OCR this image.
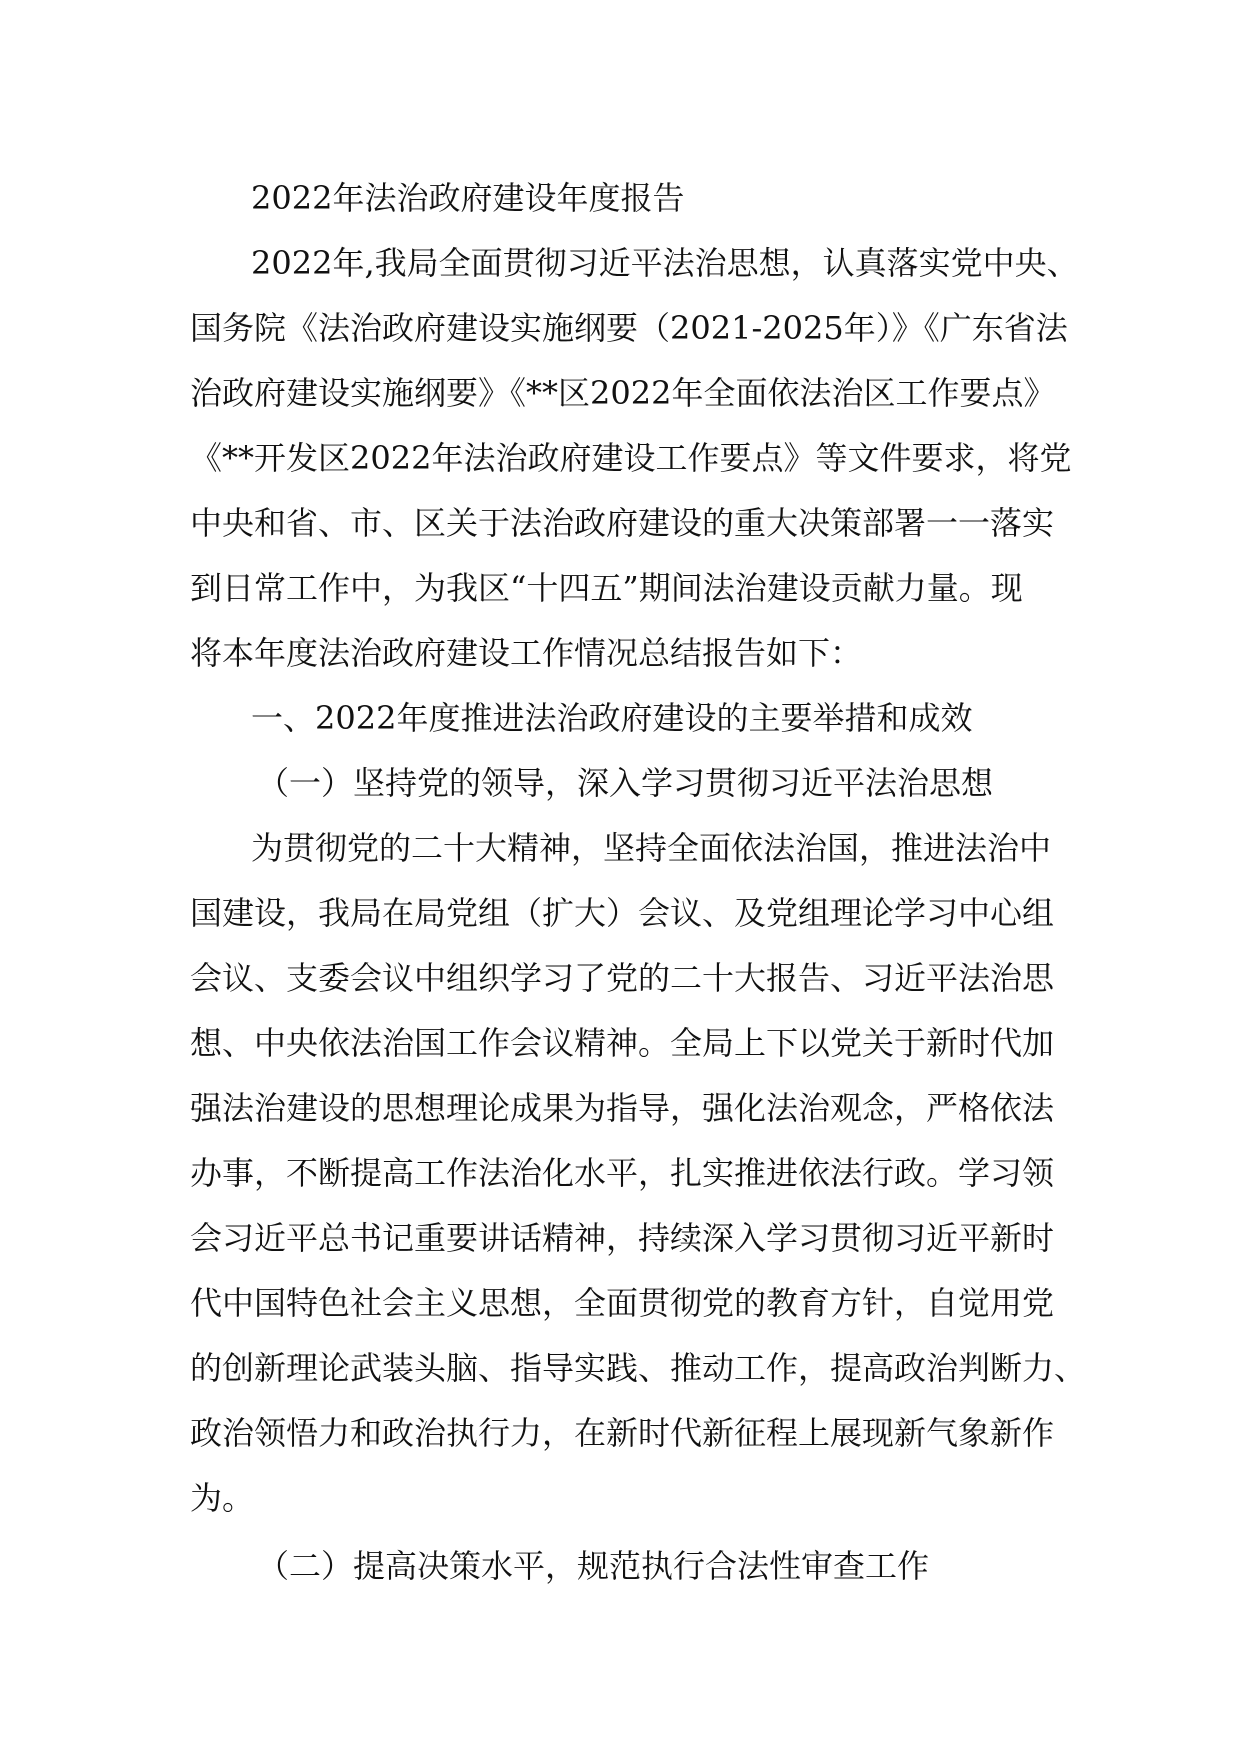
2022年法治政府建设年度报告
2022年,我局全面贯彻习近平法治思想，认真落实党中央、
国务院《法治政府建设实施纲要（2021-2025年）》《广东省法
治政府建设实施纲要》《**区2022年全面依法治区工作要点》
《**开发区2022年法治政府建设工作要点》等文件要求，将党
中央和省、市、区关于法治政府建设的重大决策部署一一落实
到日常工作中，为我区“十四五”期间法治建设贡献力量。现
将本年度法治政府建设工作情况总结报告如下：
一、2022年度推进法治政府建设的主要举措和成效
（一）坚持党的领导，深入学习贯彻习近平法治思想
为贯彻党的二十大精神，坚持全面依法治国，推进法治中
国建设，我局在局党组（扩大）会议、及党组理论学习中心组
会议、支委会议中组织学习了党的二十大报告、习近平法治思
想、中央依法治国工作会议精神。全局上下以党关于新时代加
强法治建设的思想理论成果为指导，强化法治观念，严格依法
办事，不断提高工作法治化水平，扎实推进依法行政。学习领
会习近平总书记重要讲话精神，持续深入学习贯彻习近平新时
代中国特色社会主义思想，全面贯彻党的教育方针，自觉用党
的创新理论武装头脑、指导实践、推动工作，提高政治判断力、
政治领悟力和政治执行力，在新时代新征程上展现新气象新作
为。
（二）提高决策水平，规范执行合法性审查工作
